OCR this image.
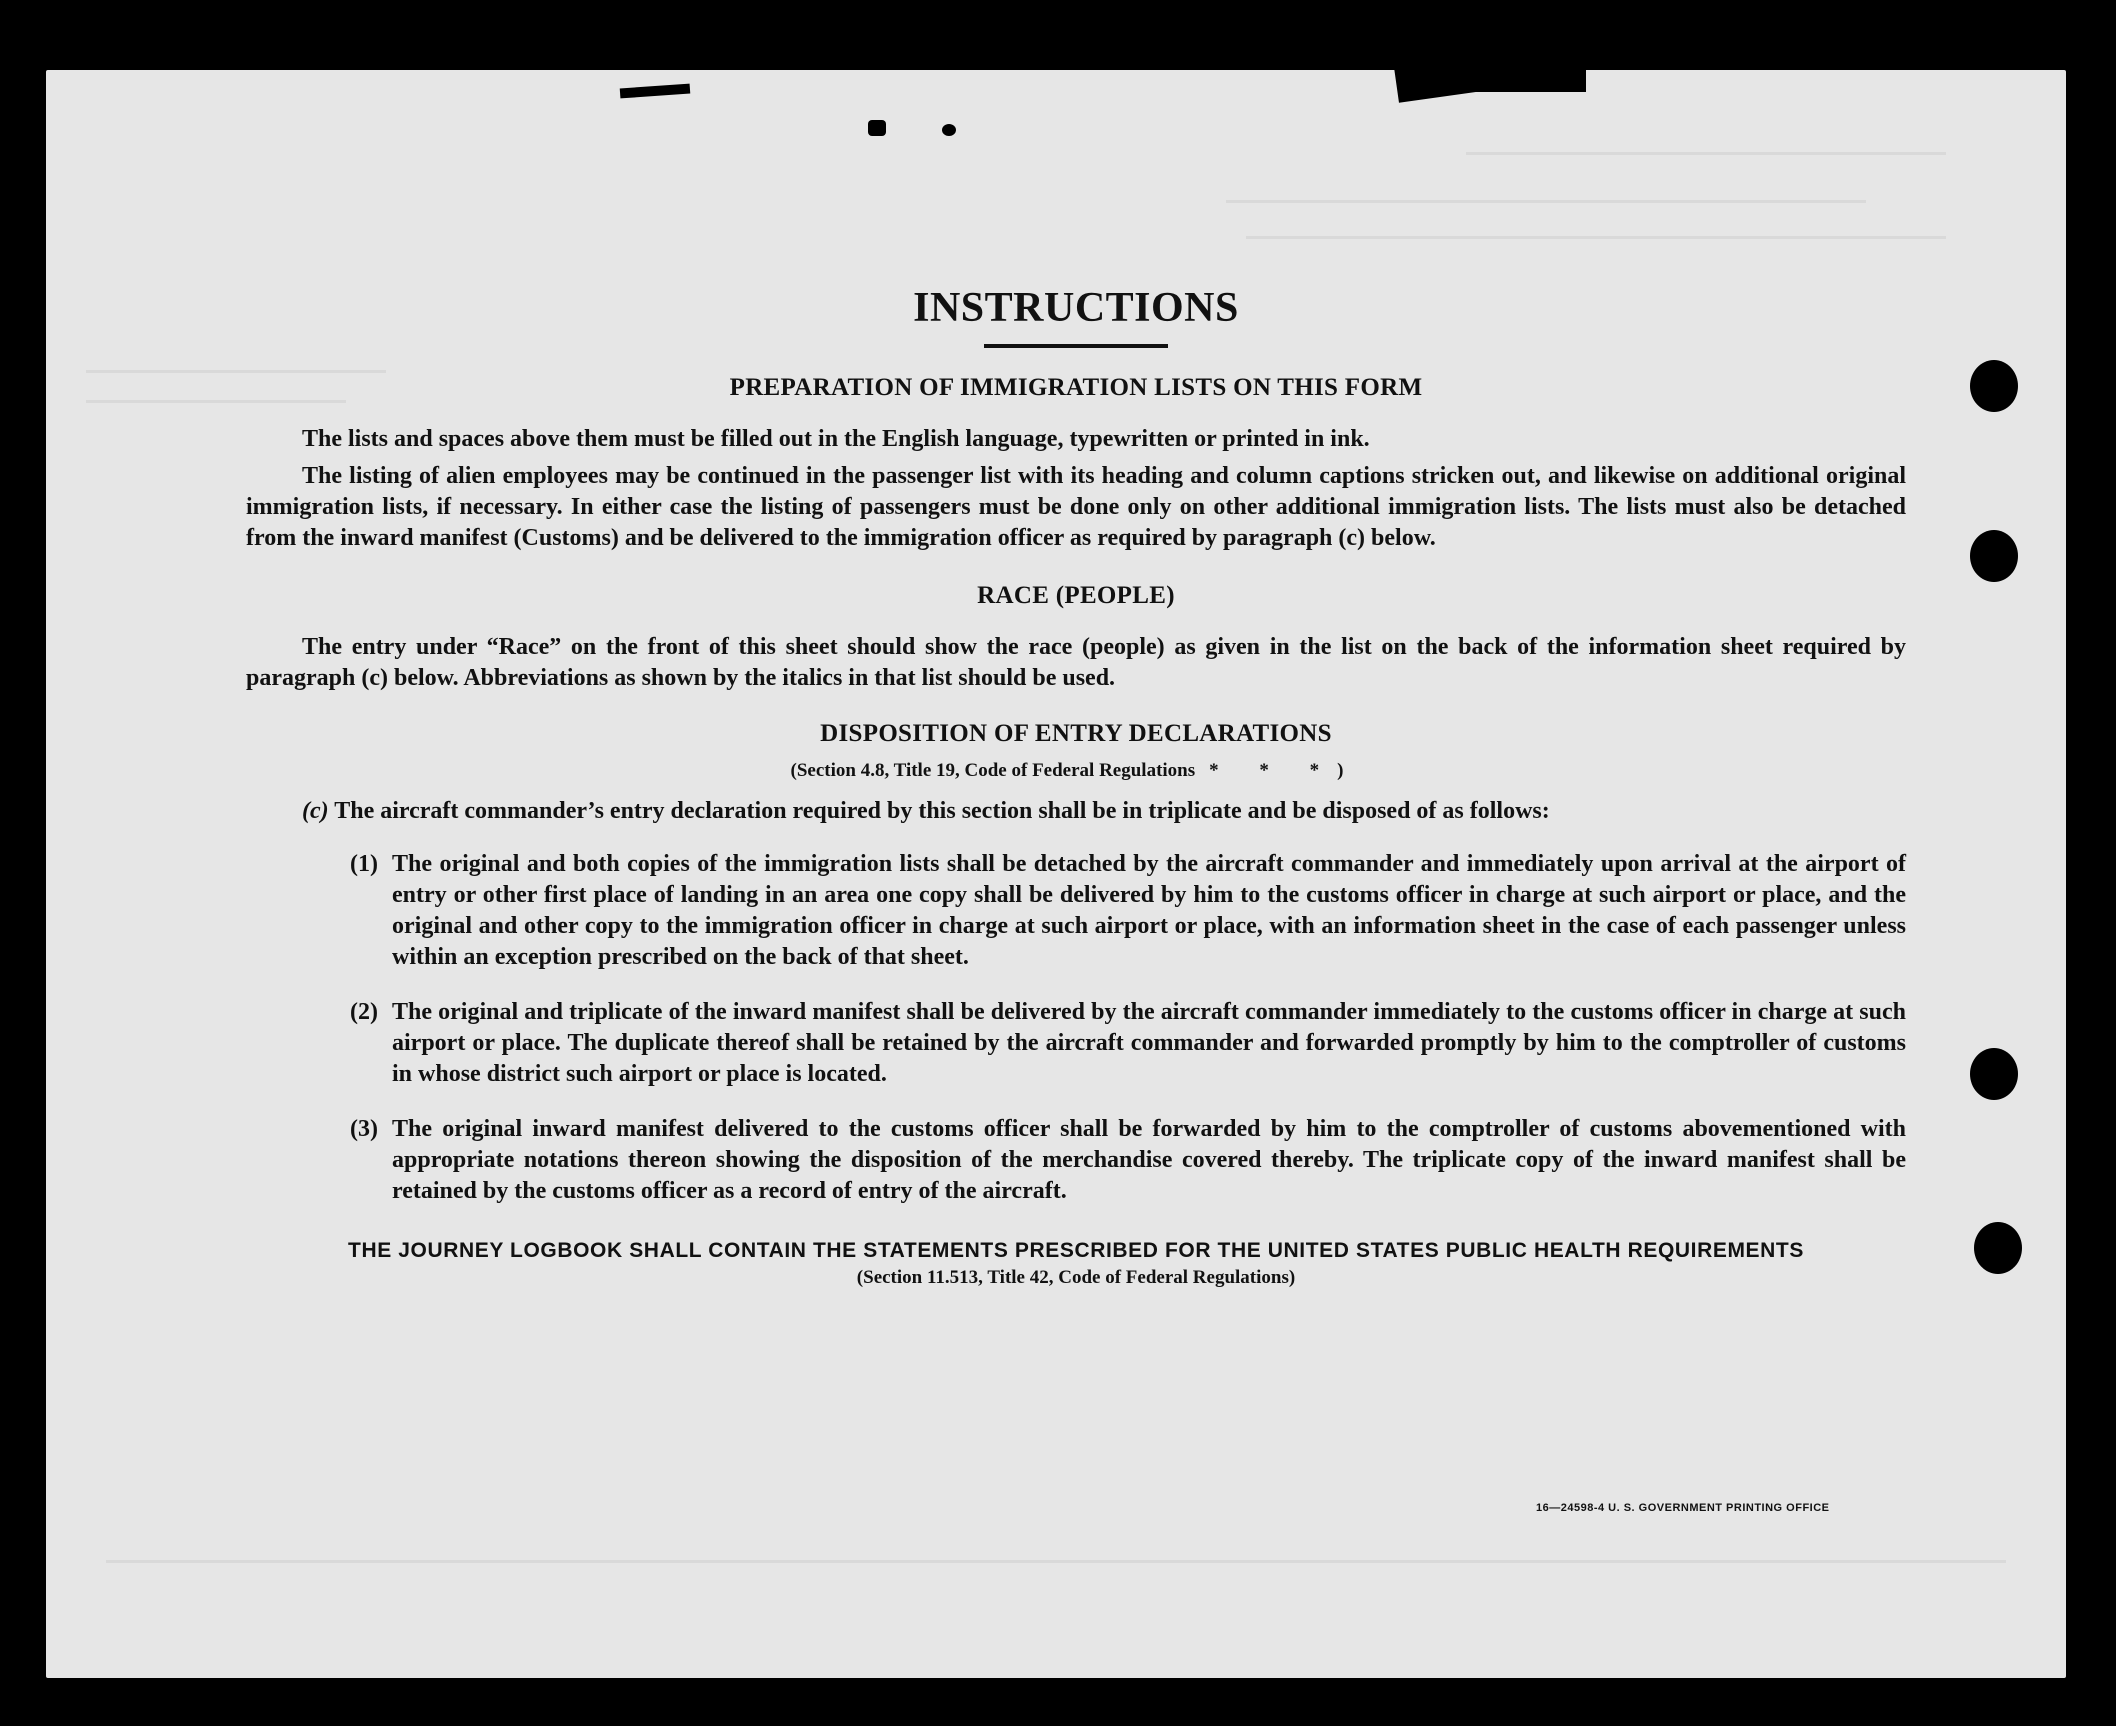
INSTRUCTIONS
PREPARATION OF IMMIGRATION LISTS ON THIS FORM

The lists and spaces above them must be filled out in the English language, typewritten or printed in ink.

The listing of alien employees may be continued in the passenger list with its heading and column captions stricken out, and likewise on additional original immigration lists, if necessary. In either case the listing of passengers must be done only on other additional immigration lists. The lists must also be detached from the inward manifest (Customs) and be delivered to the immigration officer as required by paragraph (c) below.

RACE (PEOPLE)

The entry under “Race” on the front of this sheet should show the race (people) as given in the list on the back of the information sheet required by paragraph (c) below. Abbreviations as shown by the italics in that list should be used.

DISPOSITION OF ENTRY DECLARATIONS
(Section 4.8, Title 19, Code of Federal Regulations * * *)
(c) The aircraft commander’s entry declaration required by this section shall be in triplicate and be disposed of as follows:
(1) The original and both copies of the immigration lists shall be detached by the aircraft commander and immediately upon arrival at the airport of entry or other first place of landing in an area one copy shall be delivered by him to the customs officer in charge at such airport or place, and the original and other copy to the immigration officer in charge at such airport or place, with an information sheet in the case of each passenger unless within an exception prescribed on the back of that sheet.
(2) The original and triplicate of the inward manifest shall be delivered by the aircraft commander immediately to the customs officer in charge at such airport or place. The duplicate thereof shall be retained by the aircraft commander and forwarded promptly by him to the comptroller of customs in whose district such airport or place is located.
(3) The original inward manifest delivered to the customs officer shall be forwarded by him to the comptroller of customs abovementioned with appropriate notations thereon showing the disposition of the merchandise covered thereby. The triplicate copy of the inward manifest shall be retained by the customs officer as a record of entry of the aircraft.
THE JOURNEY LOGBOOK SHALL CONTAIN THE STATEMENTS PRESCRIBED FOR THE UNITED STATES PUBLIC HEALTH REQUIREMENTS
(Section 11.513, Title 42, Code of Federal Regulations)
16—24598-4 U. S. GOVERNMENT PRINTING OFFICE
